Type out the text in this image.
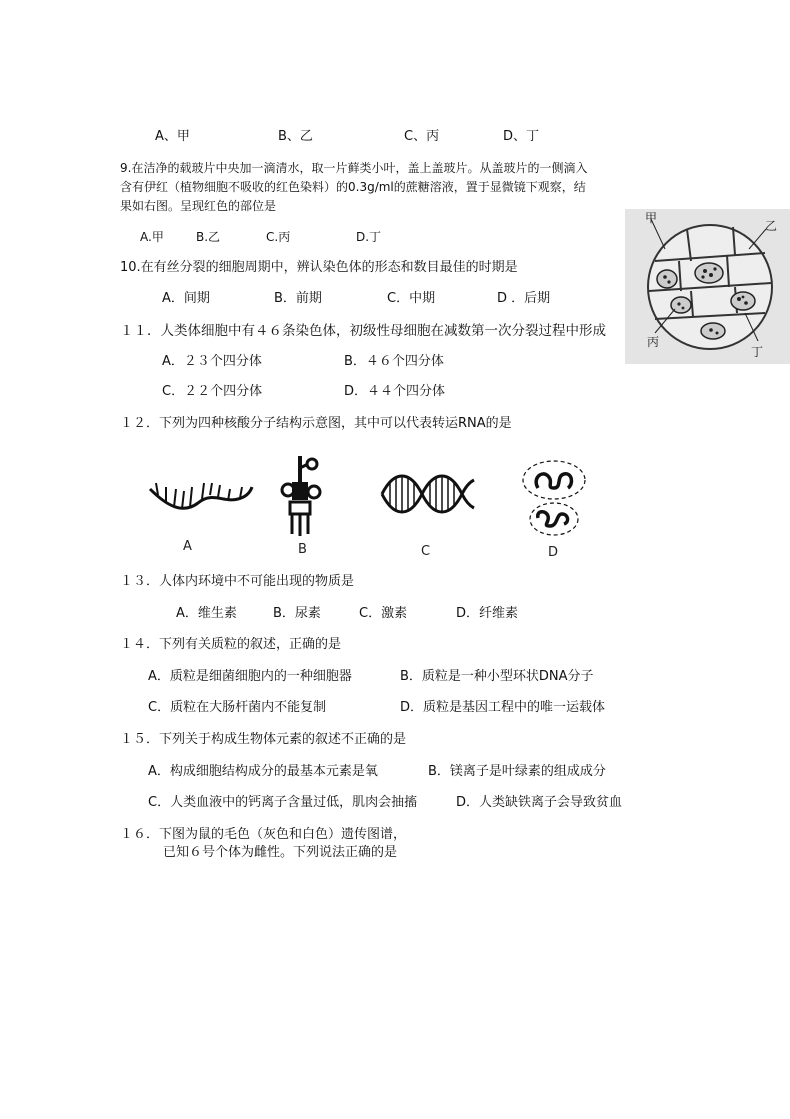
A、甲	B、乙	C、丙	D、丁
9.在洁净的载玻片中央加一滴清水，取一片藓类小叶，盖上盖玻片。从盖玻片的一侧滴入
含有伊红（植物细胞不吸收的红色染料）的0.3g/ml的蔗糖溶液，置于显微镜下观察，结
果如右图。呈现红色的部位是
A.甲	B.乙	C.丙	D.丁
甲
乙
丙
丁
10.在有丝分裂的细胞周期中，辨认染色体的形态和数目最佳的时期是
A．间期	B．前期	C．中期	D ．后期
１１．人类体细胞中有４６条染色体，初级性母细胞在减数第一次分裂过程中形成
A．２３个四分体	B．４６个四分体
C．２２个四分体	D．４４个四分体
１２．下列为四种核酸分子结构示意图，其中可以代表转运RNA的是
A	B	C	D
１３．人体内环境中不可能出现的物质是
A．维生素	B．尿素	C．激素	D．纤维素
１４．下列有关质粒的叙述，正确的是
A．质粒是细菌细胞内的一种细胞器	B．质粒是一种小型环状DNA分子
C．质粒在大肠杆菌内不能复制	D．质粒是基因工程中的唯一运载体
１５．下列关于构成生物体元素的叙述不正确的是
A．构成细胞结构成分的最基本元素是氧	B．镁离子是叶绿素的组成成分
C．人类血液中的钙离子含量过低，肌肉会抽搐	D．人类缺铁离子会导致贫血
１６．下图为鼠的毛色（灰色和白色）遗传图谱，
已知６号个体为雌性。下列说法正确的是
